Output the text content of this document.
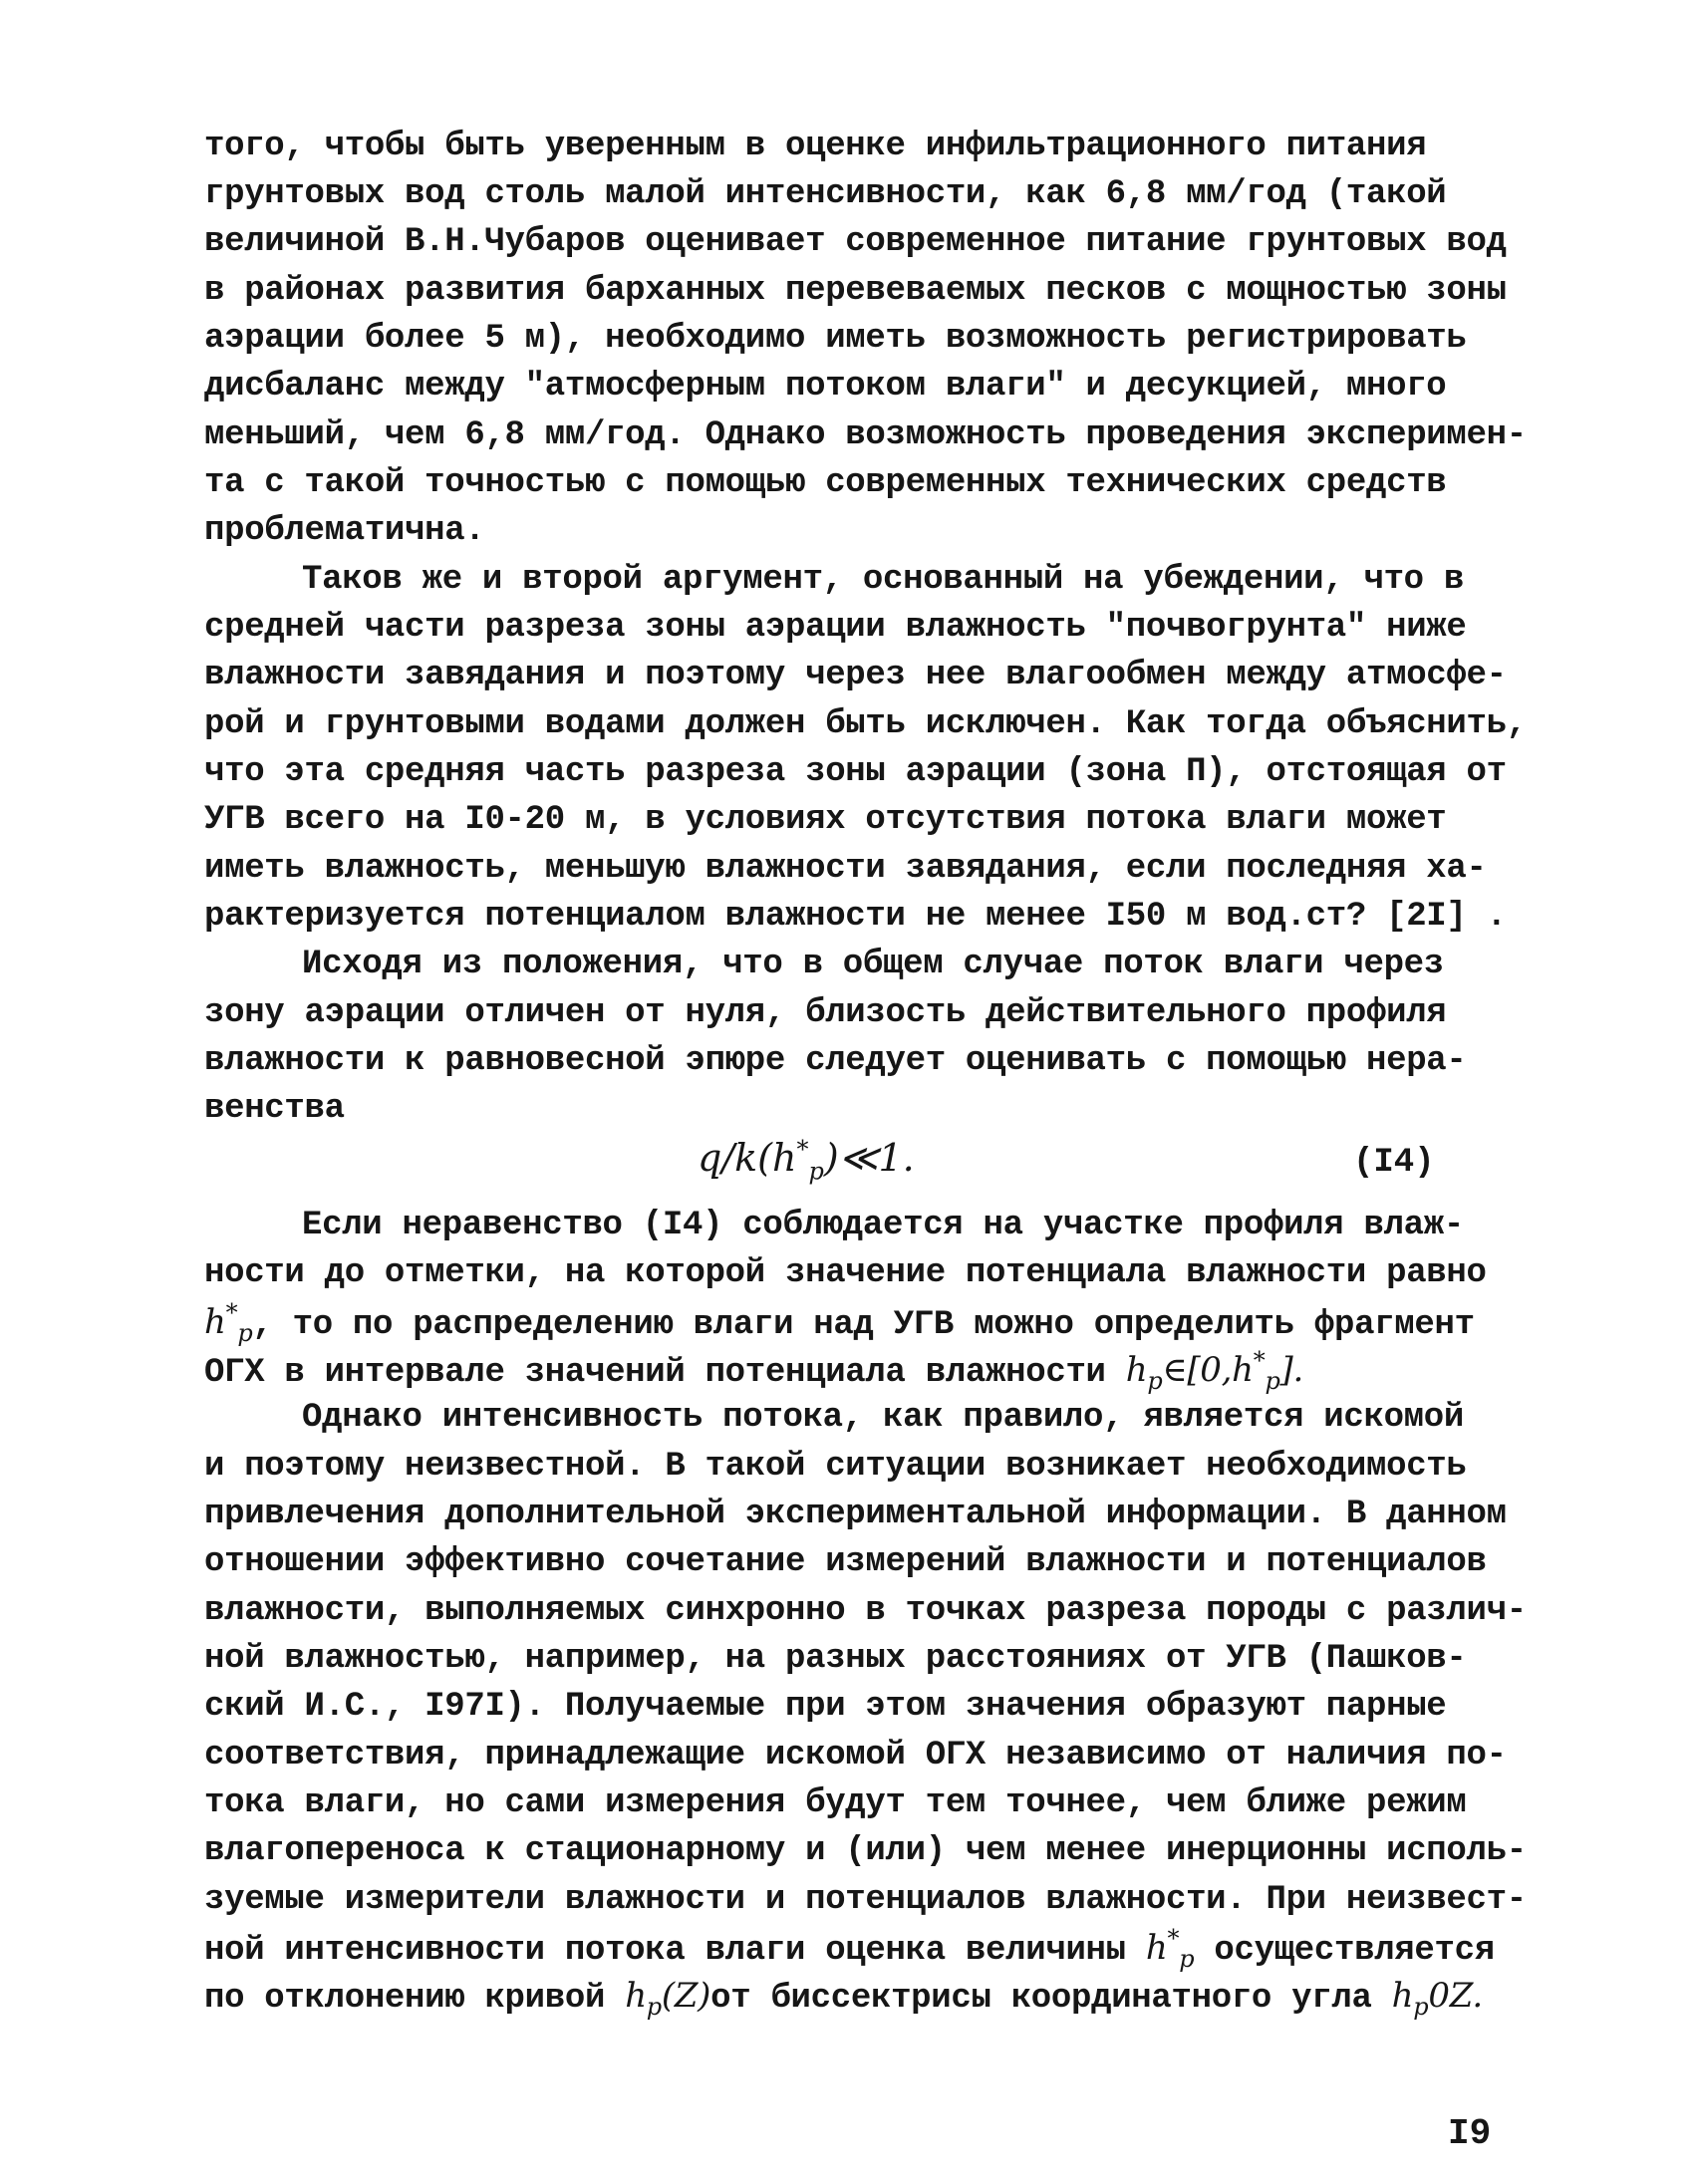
того, чтобы быть уверенным в оценке инфильтрационного питания
грунтовых вод столь малой интенсивности, как 6,8 мм/год (такой
величиной В.Н.Чубаров оценивает современное питание грунтовых вод
в районах развития барханных перевеваемых песков с мощностью зоны
аэрации более 5 м), необходимо иметь возможность регистрировать
дисбаланс между "атмосферным потоком влаги" и десукцией, много
меньший, чем 6,8 мм/год. Однако возможность проведения эксперимен-
та с такой точностью с помощью современных технических средств
проблематична.
Таков же и второй аргумент, основанный на убеждении, что в
средней части разреза зоны аэрации влажность "почвогрунта" ниже
влажности завядания и поэтому через нее влагообмен между атмосфе-
рой и грунтовыми водами должен быть исключен. Как тогда объяснить,
что эта средняя часть разреза зоны аэрации (зона П), отстоящая от
УГВ всего на I0-20 м, в условиях отсутствия потока влаги может
иметь влажность, меньшую влажности завядания, если последняя ха-
рактеризуется потенциалом влажности не менее I50 м вод.ст? [2I] .
Исходя из положения, что в общем случае поток влаги через
зону аэрации отличен от нуля, близость действительного профиля
влажности к равновесной эпюре следует оценивать с помощью нера-
венства
$q/k(h^*_p)≪1$.	(I4)
Если неравенство (I4) соблюдается на участке профиля влаж-
ности до отметки, на которой значение потенциала влажности равно
$h^*_p$, то по распределению влаги над УГВ можно определить фрагмент
ОГХ в интервале значений потенциала влажности $h_p\in[0,h^*_p]$.
Однако интенсивность потока, как правило, является искомой
и поэтому неизвестной. В такой ситуации возникает необходимость
привлечения дополнительной экспериментальной информации. В данном
отношении эффективно сочетание измерений влажности и потенциалов
влажности, выполняемых синхронно в точках разреза породы с различ-
ной влажностью, например, на разных расстояниях от УГВ (Пашков-
ский И.С., I97I). Получаемые при этом значения образуют парные
соответствия, принадлежащие искомой ОГХ независимо от наличия по-
тока влаги, но сами измерения будут тем точнее, чем ближе режим
влагопереноса к стационарному и (или) чем менее инерционны исполь-
зуемые измерители влажности и потенциалов влажности. При неизвест-
ной интенсивности потока влаги оценка величины $h^*_p$ осуществляется
по отклонению кривой $h_p(Z)от$ биссектрисы координатного угла $h_p0Z$.
I9
